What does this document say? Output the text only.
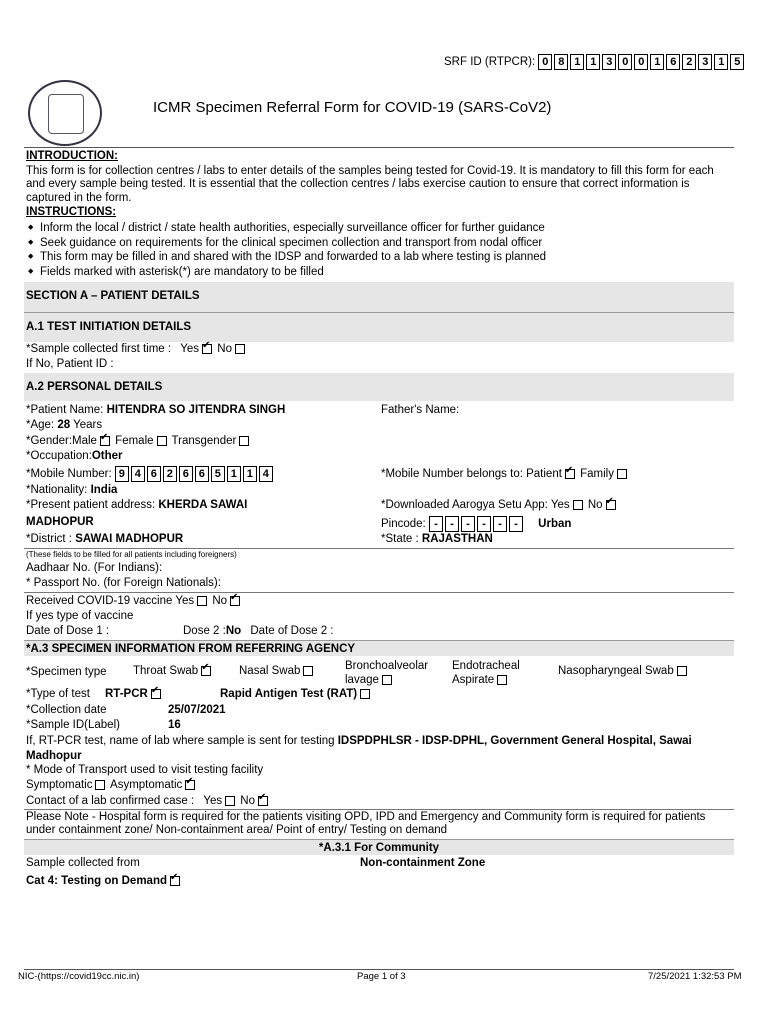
SRF ID (RTPCR): 0 8 1 1 3 0 0 1 6 2 3 1 5
ICMR Specimen Referral Form for COVID-19 (SARS-CoV2)
INTRODUCTION:
This form is for collection centres / labs to enter details of the samples being tested for Covid-19. It is mandatory to fill this form for each and every sample being tested. It is essential that the collection centres / labs exercise caution to ensure that correct information is captured in the form.
INSTRUCTIONS:
◆ Inform the local / district / state health authorities, especially surveillance officer for further guidance
◆ Seek guidance on requirements for the clinical specimen collection and transport from nodal officer
◆ This form may be filled in and shared with the IDSP and forwarded to a lab where testing is planned
◆ Fields marked with asterisk(*) are mandatory to be filled
SECTION A – PATIENT DETAILS
A.1 TEST INITIATION DETAILS
*Sample collected first time : Yes ✔ No
If No, Patient ID :
A.2 PERSONAL DETAILS
*Patient Name: HITENDRA SO JITENDRA SINGH	Father's Name:
*Age: 28 Years
*Gender:Male ✔ Female Transgender
*Occupation:Other
*Mobile Number: 9 4 6 2 6 6 5 1 1 4	*Mobile Number belongs to: Patient ✔ Family
*Nationality: India
*Present patient address: KHERDA SAWAI
MADHOPUR
*Downloaded Aarogya Setu App: Yes No✔
Pincode: -	-	-	-	-	-	Urban
*District : SAWAI MADHOPUR	*State : RAJASTHAN
(These fields to be filled for all patients including foreigners)
Aadhaar No. (For Indians):
* Passport No. (for Foreign Nationals):
Received COVID-19 vaccine Yes No✔
If yes type of vaccine
Date of Dose 1 :	Dose 2 :No Date of Dose 2 :
*A.3 SPECIMEN INFORMATION FROM REFERRING AGENCY
*Specimen type Throat Swab ✔	Nasal Swab	Bronchoalveolar
lavage
Endotracheal
Aspirate
Nasopharyngeal Swab
*Type of test RT-PCR ✔	Rapid Antigen Test (RAT)
*Collection date	25/07/2021
*Sample ID(Label)	16
If, RT-PCR test, name of lab where sample is sent for testing IDSPDPHLSR - IDSP-DPHL, Government General Hospital, Sawai Madhopur
* Mode of Transport used to visit testing facility
Symptomatic Asymptomatic✔
Contact of a lab confirmed case : Yes No✔
Please Note - Hospital form is required for the patients visiting OPD, IPD and Emergency and Community form is required for patients under containment zone/ Non-containment area/ Point of entry/ Testing on demand
*A.3.1 For Community
Sample collected from	Non-containment Zone
Cat 4: Testing on Demand✔
NIC-(https://covid19cc.nic.in)	Page 1 of 3	7/25/2021 1:32:53 PM
